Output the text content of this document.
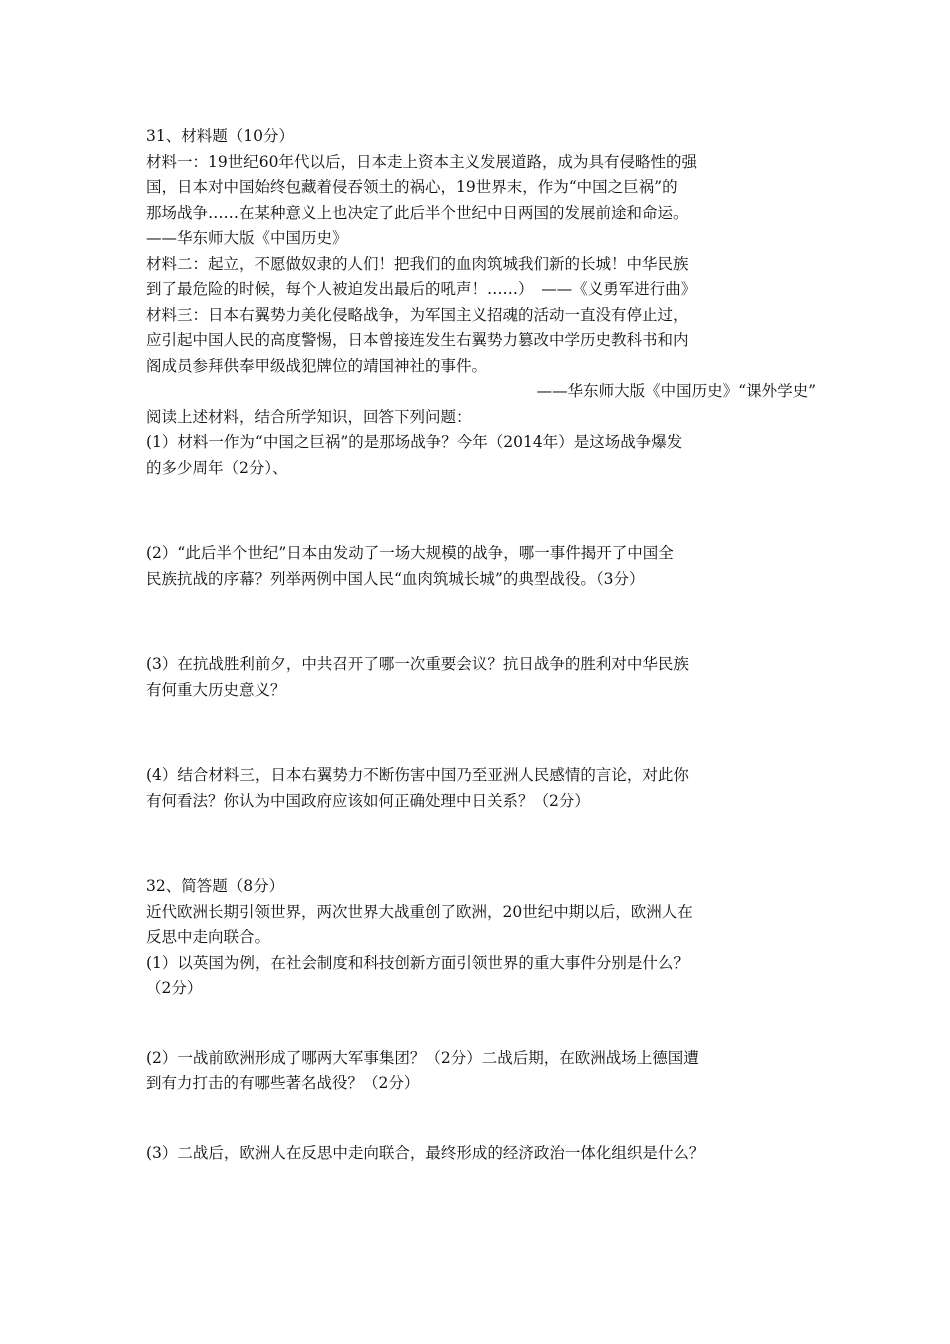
31、材料题（10分）
材料一：19世纪60年代以后，日本走上资本主义发展道路，成为具有侵略性的强
国，日本对中国始终包藏着侵吞领土的祸心，19世界末，作为“中国之巨祸”的
那场战争……在某种意义上也决定了此后半个世纪中日两国的发展前途和命运。
——华东师大版《中国历史》
材料二：起立，不愿做奴隶的人们！把我们的血肉筑城我们新的长城！中华民族
到了最危险的时候，每个人被迫发出最后的吼声！……）　——《义勇军进行曲》
材料三：日本右翼势力美化侵略战争，为军国主义招魂的活动一直没有停止过，
应引起中国人民的高度警惕，日本曾接连发生右翼势力篡改中学历史教科书和内
阁成员参拜供奉甲级战犯牌位的靖国神社的事件。
——华东师大版《中国历史》“课外学史”
阅读上述材料，结合所学知识，回答下列问题：
(1）材料一作为“中国之巨祸”的是那场战争？今年（2014年）是这场战争爆发
的多少周年（2分）、
(2）“此后半个世纪”日本由发动了一场大规模的战争，哪一事件揭开了中国全
民族抗战的序幕？列举两例中国人民“血肉筑城长城”的典型战役。（3分）
(3）在抗战胜利前夕，中共召开了哪一次重要会议？抗日战争的胜利对中华民族
有何重大历史意义？
(4）结合材料三，日本右翼势力不断伤害中国乃至亚洲人民感情的言论，对此你
有何看法？你认为中国政府应该如何正确处理中日关系？（2分）
32、简答题（8分）
近代欧洲长期引领世界，两次世界大战重创了欧洲，20世纪中期以后，欧洲人在
反思中走向联合。
(1）以英国为例，在社会制度和科技创新方面引领世界的重大事件分别是什么？
（2分）
(2）一战前欧洲形成了哪两大军事集团？（2分）二战后期，在欧洲战场上德国遭
到有力打击的有哪些著名战役？（2分）
(3）二战后，欧洲人在反思中走向联合，最终形成的经济政治一体化组织是什么？
